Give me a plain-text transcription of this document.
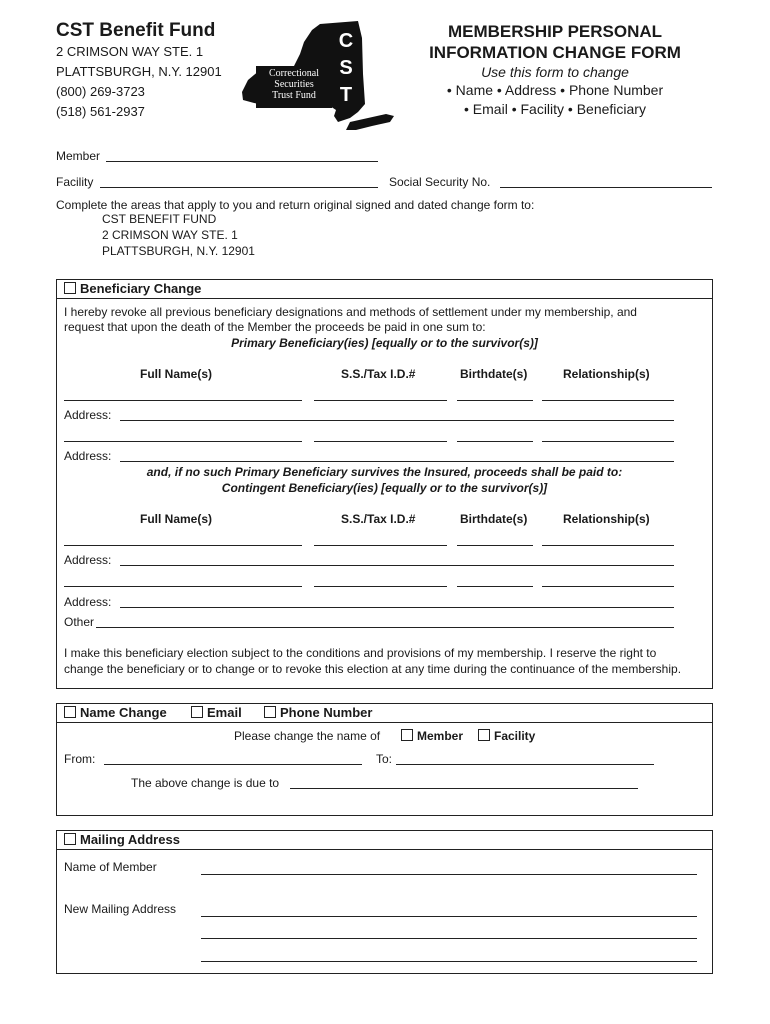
CST Benefit Fund
2 CRIMSON WAY STE. 1
PLATTSBURGH, N.Y. 12901
(800) 269-3723
(518) 561-2937
C
S
T
Correctional
Securities
Trust Fund
MEMBERSHIP PERSONAL
INFORMATION CHANGE FORM
Use this form to change
• Name • Address • Phone Number
• Email • Facility • Beneficiary
Member
Facility	Social Security No.
Complete the areas that apply to you and return original signed and dated change form to:
CST BENEFIT FUND
2 CRIMSON WAY STE. 1
PLATTSBURGH, N.Y. 12901
Beneficiary Change
I hereby revoke all previous beneficiary designations and methods of settlement under my membership, and
request that upon the death of the Member the proceeds be paid in one sum to:
Primary Beneficiary(ies) [equally or to the survivor(s)]
Full Name(s)	S.S./Tax I.D.#	Birthdate(s)	Relationship(s)
Address:
Address:
and, if no such Primary Beneficiary survives the Insured, proceeds shall be paid to:
Contingent Beneficiary(ies) [equally or to the survivor(s)]
Full Name(s)	S.S./Tax I.D.#	Birthdate(s)	Relationship(s)
Address:
Address:
Other
I make this beneficiary election subject to the conditions and provisions of my membership. I reserve the right to
change the beneficiary or to change or to revoke this election at any time during the continuance of the membership.
Name Change	Email	Phone Number
Please change the name of	Member	Facility
From:	To:
The above change is due to
Mailing Address
Name of Member
New Mailing Address
